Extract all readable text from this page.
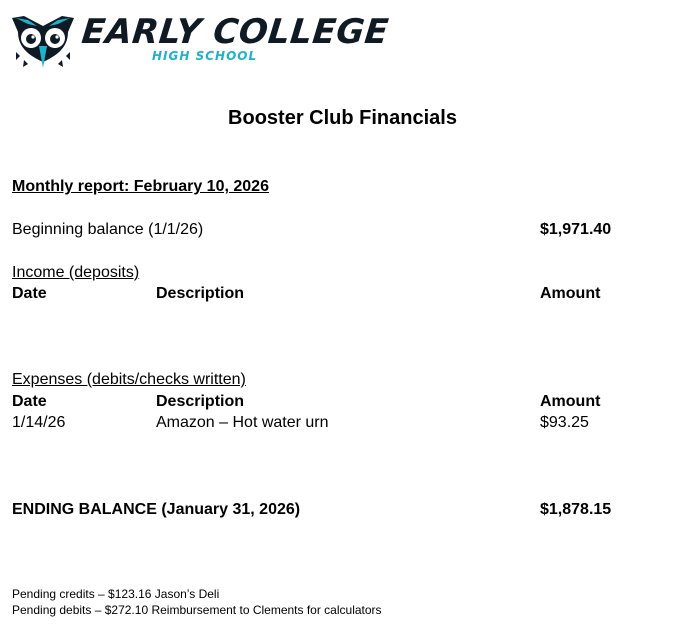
EARLY COLLEGE
HIGH SCHOOL
Booster Club Financials
Monthly report: February 10, 2026
Beginning balance (1/1/26)	$1,971.40
Income (deposits)
Date	Description	Amount
Expenses (debits/checks written)
Date	Description	Amount
1/14/26	Amazon – Hot water urn	$93.25
ENDING BALANCE (January 31, 2026)	$1,878.15
Pending credits – $123.16 Jason’s Deli
Pending debits – $272.10 Reimbursement to Clements for calculators
